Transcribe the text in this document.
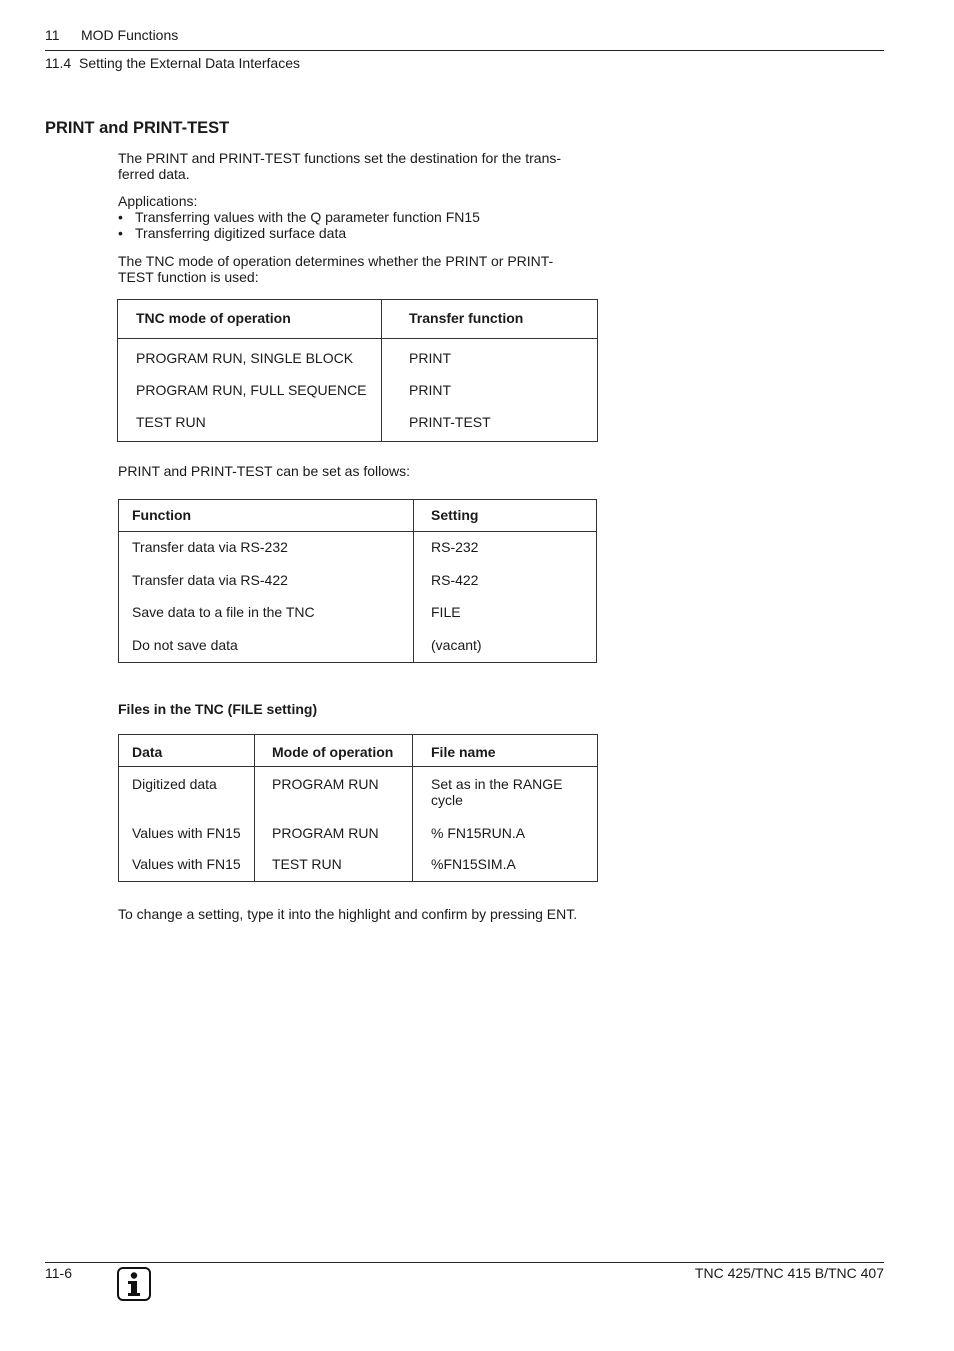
11 MOD Functions
11.4  Setting the External Data Interfaces
PRINT and PRINT-TEST

The PRINT and PRINT-TEST functions set the destination for the trans-

ferred data.

Applications:

• Transferring values with the Q parameter function FN15
• Transferring digitized surface data

The TNC mode of operation determines whether the PRINT or PRINT-

TEST function is used:

TNC mode of operation	Transfer function
PROGRAM RUN, SINGLE BLOCK	PRINT
PROGRAM RUN, FULL SEQUENCE	PRINT
TEST RUN	PRINT-TEST
PRINT and PRINT-TEST can be set as follows:
Function	Setting
Transfer data via RS-232	RS-232
Transfer data via RS-422	RS-422
Save data to a file in the TNC	FILE
Do not save data	(vacant)
Files in the TNC (FILE setting)
Data	Mode of operation	File name
Digitized data	PROGRAM RUN	Set as in the RANGE
cycle

Values with FN15	PROGRAM RUN	% FN15RUN.A
Values with FN15	TEST RUN	%FN15SIM.A
To change a setting, type it into the highlight and confirm by pressing ENT.
11-6	TNC 425/TNC 415 B/TNC 407
